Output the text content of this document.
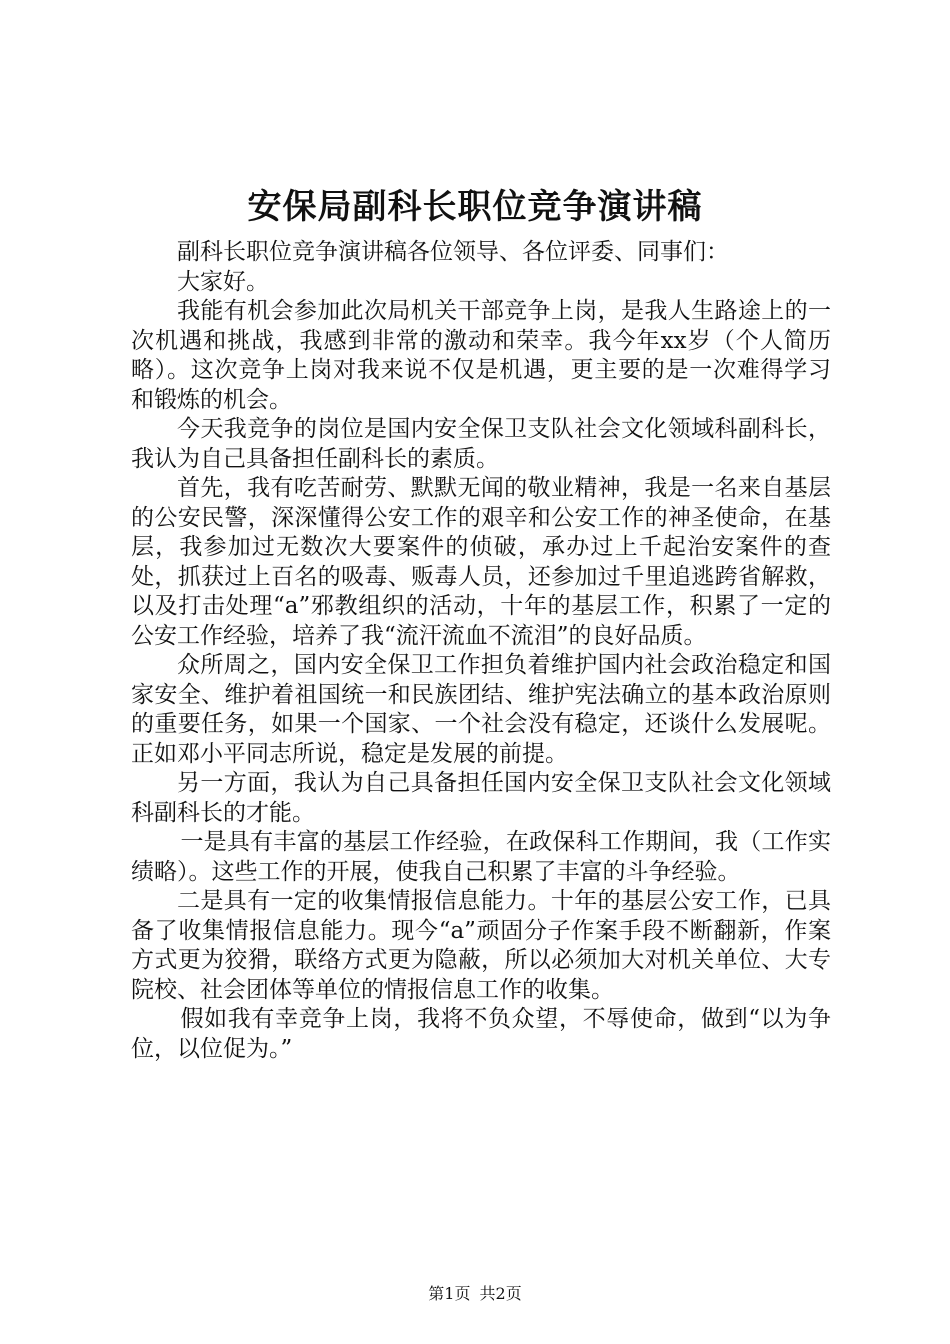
安保局副科长职位竞争演讲稿

副科长职位竞争演讲稿各位领导、各位评委、同事们：

大家好。

我能有机会参加此次局机关干部竞争上岗，是我人生路途上的一次机遇和挑战，我感到非常的激动和荣幸。我今年xx岁（个人简历略）。这次竞争上岗对我来说不仅是机遇，更主要的是一次难得学习和锻炼的机会。

今天我竞争的岗位是国内安全保卫支队社会文化领域科副科长，我认为自己具备担任副科长的素质。

首先，我有吃苦耐劳、默默无闻的敬业精神，我是一名来自基层的公安民警，深深懂得公安工作的艰辛和公安工作的神圣使命，在基层，我参加过无数次大要案件的侦破，承办过上千起治安案件的查处，抓获过上百名的吸毒、贩毒人员，还参加过千里追逃跨省解救，以及打击处理“a”邪教组织的活动，十年的基层工作，积累了一定的公安工作经验，培养了我“流汗流血不流泪”的良好品质。

众所周之，国内安全保卫工作担负着维护国内社会政治稳定和国家安全、维护着祖国统一和民族团结、维护宪法确立的基本政治原则的重要任务，如果一个国家、一个社会没有稳定，还谈什么发展呢。正如邓小平同志所说，稳定是发展的前提。

另一方面，我认为自己具备担任国内安全保卫支队社会文化领域科副科长的才能。

一是具有丰富的基层工作经验，在政保科工作期间，我（工作实绩略）。这些工作的开展，使我自己积累了丰富的斗争经验。

二是具有一定的收集情报信息能力。十年的基层公安工作，已具备了收集情报信息能力。现今“a”顽固分子作案手段不断翻新，作案方式更为狡猾，联络方式更为隐蔽，所以必须加大对机关单位、大专院校、社会团体等单位的情报信息工作的收集。

假如我有幸竞争上岗，我将不负众望，不辱使命，做到“以为争位，以位促为。”

第1页 共2页
